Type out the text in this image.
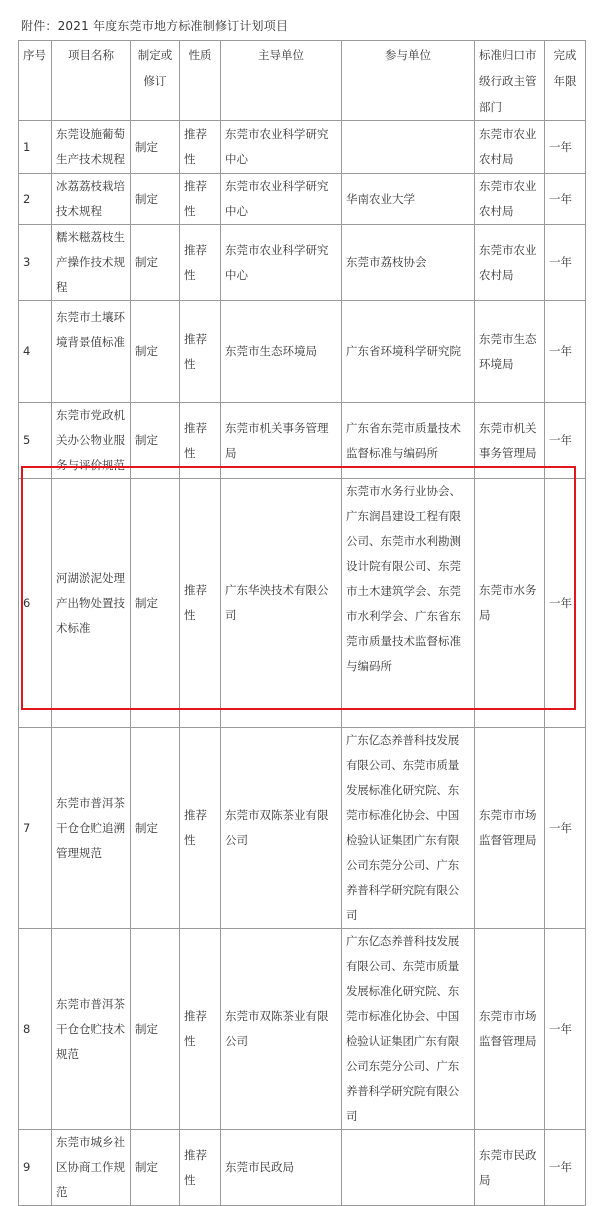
附件：2021 年度东莞市地方标准制修订计划项目
序号	项目名称	制定或修订	性质	主导单位	参与单位	标准归口市级行政主管部门	完成年限
1	东莞设施葡萄生产技术规程	制定	推荐性	东莞市农业科学研究中心		东莞市农业农村局	一年
2	冰荔荔枝栽培技术规程	制定	推荐性	东莞市农业科学研究中心	华南农业大学	东莞市农业农村局	一年
3	糯米糍荔枝生产操作技术规程	制定	推荐性	东莞市农业科学研究中心	东莞市荔枝协会	东莞市农业农村局	一年
4	东莞市土壤环境背景值标准	制定	推荐性	东莞市生态环境局	广东省环境科学研究院	东莞市生态环境局	一年
5	东莞市党政机关办公物业服务与评价规范	制定	推荐性	东莞市机关事务管理局	广东省东莞市质量技术监督标准与编码所	东莞市机关事务管理局	一年
6	河湖淤泥处理产出物处置技术标准	制定	推荐性	广东华泱技术有限公司	东莞市水务行业协会、广东润昌建设工程有限公司、东莞市水利勘测设计院有限公司、东莞市土木建筑学会、东莞市水利学会、广东省东莞市质量技术监督标准与编码所	东莞市水务局	一年
7	东莞市普洱茶干仓仓贮追溯管理规范	制定	推荐性	东莞市双陈茶业有限公司	广东亿态养普科技发展有限公司、东莞市质量发展标准化研究院、东莞市标准化协会、中国检验认证集团广东有限公司东莞分公司、广东养普科学研究院有限公司	东莞市市场监督管理局	一年
8	东莞市普洱茶干仓仓贮技术规范	制定	推荐性	东莞市双陈茶业有限公司	广东亿态养普科技发展有限公司、东莞市质量发展标准化研究院、东莞市标准化协会、中国检验认证集团广东有限公司东莞分公司、广东养普科学研究院有限公司	东莞市市场监督管理局	一年
9	东莞市城乡社区协商工作规范	制定	推荐性	东莞市民政局		东莞市民政局	一年
